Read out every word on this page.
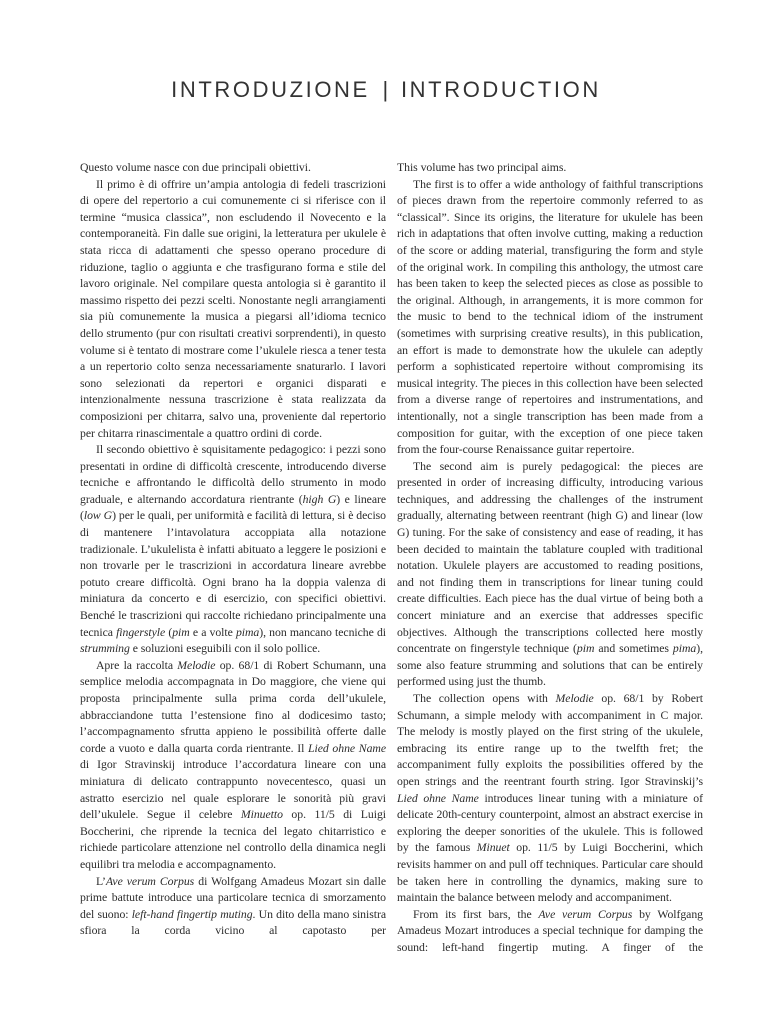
INTRODUZIONE | INTRODUCTION

Questo volume nasce con due principali obiettivi.

Il primo è di offrire un’ampia antologia di fedeli trascrizioni di opere del repertorio a cui comunemente ci si riferisce con il termine “musica classica”, non escludendo il Novecento e la contemporaneità. Fin dalle sue origini, la letteratura per ukulele è stata ricca di adattamenti che spesso operano procedure di riduzione, taglio o aggiunta e che trasfigurano forma e stile del lavoro originale. Nel compilare questa antologia si è garantito il massimo rispetto dei pezzi scelti. Nonostante negli arrangiamenti sia più comunemente la musica a piegarsi all’idioma tecnico dello strumento (pur con risultati creativi sorprendenti), in questo volume si è tentato di mostrare come l’ukulele riesca a tener testa a un repertorio colto senza necessariamente snaturarlo. I lavori sono selezionati da repertori e organici disparati e intenzionalmente nessuna trascrizione è stata realizzata da composizioni per chitarra, salvo una, proveniente dal repertorio per chitarra rinascimentale a quattro ordini di corde.

Il secondo obiettivo è squisitamente pedagogico: i pezzi sono presentati in ordine di difficoltà crescente, introducendo diverse tecniche e affrontando le difficoltà dello strumento in modo graduale, e alternando accordatura rientrante (high G) e lineare (low G) per le quali, per uniformità e facilità di lettura, si è deciso di mantenere l’intavolatura accoppiata alla notazione tradizionale. L’ukulelista è infatti abituato a leggere le posizioni e non trovarle per le trascrizioni in accordatura lineare avrebbe potuto creare difficoltà. Ogni brano ha la doppia valenza di miniatura da concerto e di esercizio, con specifici obiettivi. Benché le trascrizioni qui raccolte richiedano principalmente una tecnica fingerstyle (pim e a volte pima), non mancano tecniche di strumming e soluzioni eseguibili con il solo pollice.

Apre la raccolta Melodie op. 68/1 di Robert Schumann, una semplice melodia accompagnata in Do maggiore, che viene qui proposta principalmente sulla prima corda dell’ukulele, abbracciandone tutta l’estensione fino al dodicesimo tasto; l’accompagnamento sfrutta appieno le possibilità offerte dalle corde a vuoto e dalla quarta corda rientrante. Il Lied ohne Name di Igor Stravinskij introduce l’accordatura lineare con una miniatura di delicato contrappunto novecentesco, quasi un astratto esercizio nel quale esplorare le sonorità più gravi dell’ukulele. Segue il celebre Minuetto op. 11/5 di Luigi Boccherini, che riprende la tecnica del legato chitarristico e richiede particolare attenzione nel controllo della dinamica negli equilibri tra melodia e accompagnamento.

L’Ave verum Corpus di Wolfgang Amadeus Mozart sin dalle prime battute introduce una particolare tecnica di smorzamento del suono: left-hand fingertip muting. Un dito della mano sinistra sfiora la corda vicino al capotasto per

This volume has two principal aims.

The first is to offer a wide anthology of faithful transcriptions of pieces drawn from the repertoire commonly referred to as “classical”. Since its origins, the literature for ukulele has been rich in adaptations that often involve cutting, making a reduction of the score or adding material, transfiguring the form and style of the original work. In compiling this anthology, the utmost care has been taken to keep the selected pieces as close as possible to the original. Although, in arrangements, it is more common for the music to bend to the technical idiom of the instrument (sometimes with surprising creative results), in this publication, an effort is made to demonstrate how the ukulele can adeptly perform a sophisticated repertoire without compromising its musical integrity. The pieces in this collection have been selected from a diverse range of repertoires and instrumentations, and intentionally, not a single transcription has been made from a composition for guitar, with the exception of one piece taken from the four-course Renaissance guitar repertoire.

The second aim is purely pedagogical: the pieces are presented in order of increasing difficulty, introducing various techniques, and addressing the challenges of the instrument gradually, alternating between reentrant (high G) and linear (low G) tuning. For the sake of consistency and ease of reading, it has been decided to maintain the tablature coupled with traditional notation. Ukulele players are accustomed to reading positions, and not finding them in transcriptions for linear tuning could create difficulties. Each piece has the dual virtue of being both a concert miniature and an exercise that addresses specific objectives. Although the transcriptions collected here mostly concentrate on fingerstyle technique (pim and sometimes pima), some also feature strumming and solutions that can be entirely performed using just the thumb.

The collection opens with Melodie op. 68/1 by Robert Schumann, a simple melody with accompaniment in C major. The melody is mostly played on the first string of the ukulele, embracing its entire range up to the twelfth fret; the accompaniment fully exploits the possibilities offered by the open strings and the reentrant fourth string. Igor Stravinskij’s Lied ohne Name introduces linear tuning with a miniature of delicate 20th-century counterpoint, almost an abstract exercise in exploring the deeper sonorities of the ukulele. This is followed by the famous Minuet op. 11/5 by Luigi Boccherini, which revisits hammer on and pull off techniques. Particular care should be taken here in controlling the dynamics, making sure to maintain the balance between melody and accompaniment.

From its first bars, the Ave verum Corpus by Wolfgang Amadeus Mozart introduces a special technique for damping the sound: left-hand fingertip muting. A finger of the
